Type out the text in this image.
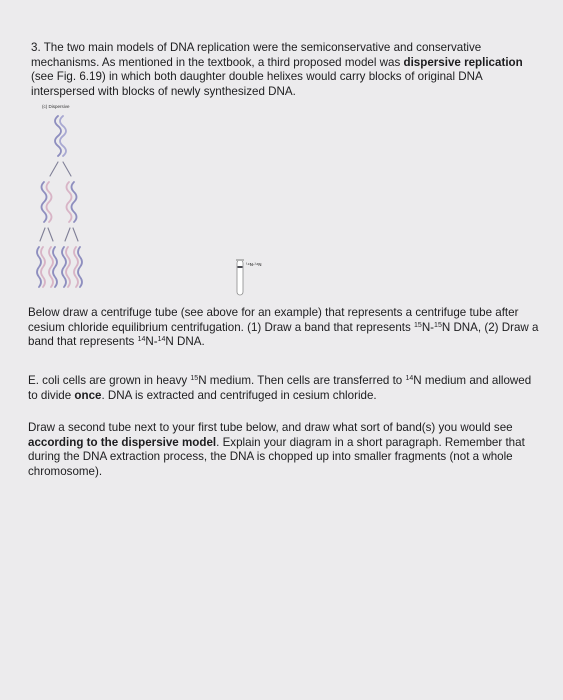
3. The two main models of DNA replication were the semiconservative and conservative mechanisms. As mentioned in the textbook, a third proposed model was dispersive replication (see Fig. 6.19) in which both daughter double helixes would carry blocks of original DNA interspersed with blocks of newly synthesized DNA.

(c) Dispersive
¹⁴N-¹⁴N

Below draw a centrifuge tube (see above for an example) that represents a centrifuge tube after cesium chloride equilibrium centrifugation. (1) Draw a band that represents $^{15}$N-$^{15}$N DNA, (2) Draw a band that represents $^{14}$N-$^{14}$N DNA.

E. coli cells are grown in heavy $^{15}$N medium. Then cells are transferred to $^{14}$N medium and allowed to divide once. DNA is extracted and centrifuged in cesium chloride.

Draw a second tube next to your first tube below, and draw what sort of band(s) you would see according to the dispersive model. Explain your diagram in a short paragraph. Remember that during the DNA extraction process, the DNA is chopped up into smaller fragments (not a whole chromosome).
